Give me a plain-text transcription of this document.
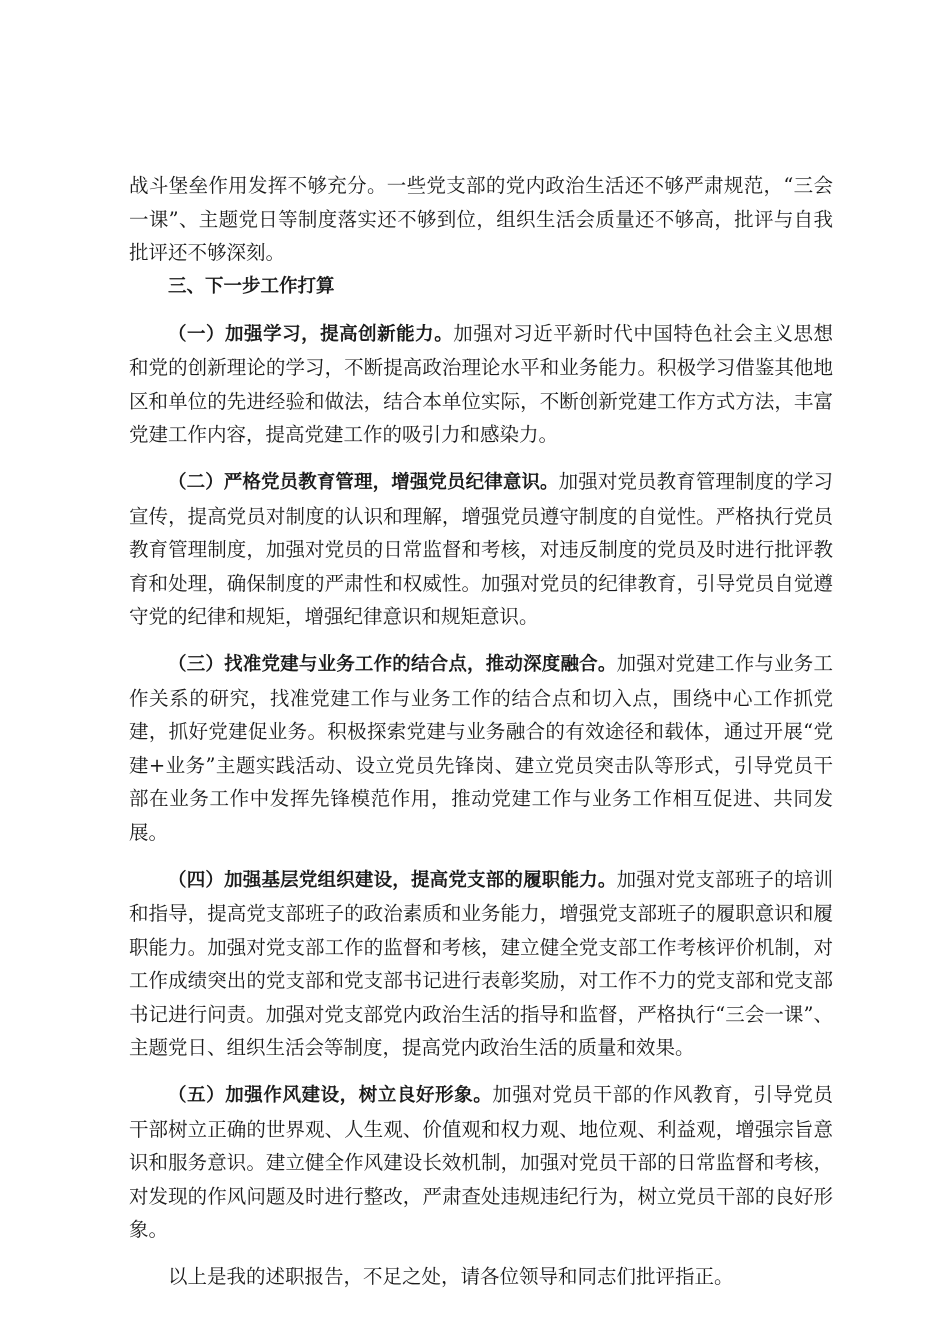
战斗堡垒作用发挥不够充分。一些党支部的党内政治生活还不够严肃规范，“三会一课”、主题党日等制度落实还不够到位，组织生活会质量还不够高，批评与自我批评还不够深刻。

三、下一步工作打算

（一）加强学习，提高创新能力。加强对习近平新时代中国特色社会主义思想和党的创新理论的学习，不断提高政治理论水平和业务能力。积极学习借鉴其他地区和单位的先进经验和做法，结合本单位实际，不断创新党建工作方式方法，丰富党建工作内容，提高党建工作的吸引力和感染力。

（二）严格党员教育管理，增强党员纪律意识。加强对党员教育管理制度的学习宣传，提高党员对制度的认识和理解，增强党员遵守制度的自觉性。严格执行党员教育管理制度，加强对党员的日常监督和考核，对违反制度的党员及时进行批评教育和处理，确保制度的严肃性和权威性。加强对党员的纪律教育，引导党员自觉遵守党的纪律和规矩，增强纪律意识和规矩意识。

（三）找准党建与业务工作的结合点，推动深度融合。加强对党建工作与业务工作关系的研究，找准党建工作与业务工作的结合点和切入点，围绕中心工作抓党建，抓好党建促业务。积极探索党建与业务融合的有效途径和载体，通过开展“党建+业务”主题实践活动、设立党员先锋岗、建立党员突击队等形式，引导党员干部在业务工作中发挥先锋模范作用，推动党建工作与业务工作相互促进、共同发展。

（四）加强基层党组织建设，提高党支部的履职能力。加强对党支部班子的培训和指导，提高党支部班子的政治素质和业务能力，增强党支部班子的履职意识和履职能力。加强对党支部工作的监督和考核，建立健全党支部工作考核评价机制，对工作成绩突出的党支部和党支部书记进行表彰奖励，对工作不力的党支部和党支部书记进行问责。加强对党支部党内政治生活的指导和监督，严格执行“三会一课”、主题党日、组织生活会等制度，提高党内政治生活的质量和效果。

（五）加强作风建设，树立良好形象。加强对党员干部的作风教育，引导党员干部树立正确的世界观、人生观、价值观和权力观、地位观、利益观，增强宗旨意识和服务意识。建立健全作风建设长效机制，加强对党员干部的日常监督和考核，对发现的作风问题及时进行整改，严肃查处违规违纪行为，树立党员干部的良好形象。

以上是我的述职报告，不足之处，请各位领导和同志们批评指正。
